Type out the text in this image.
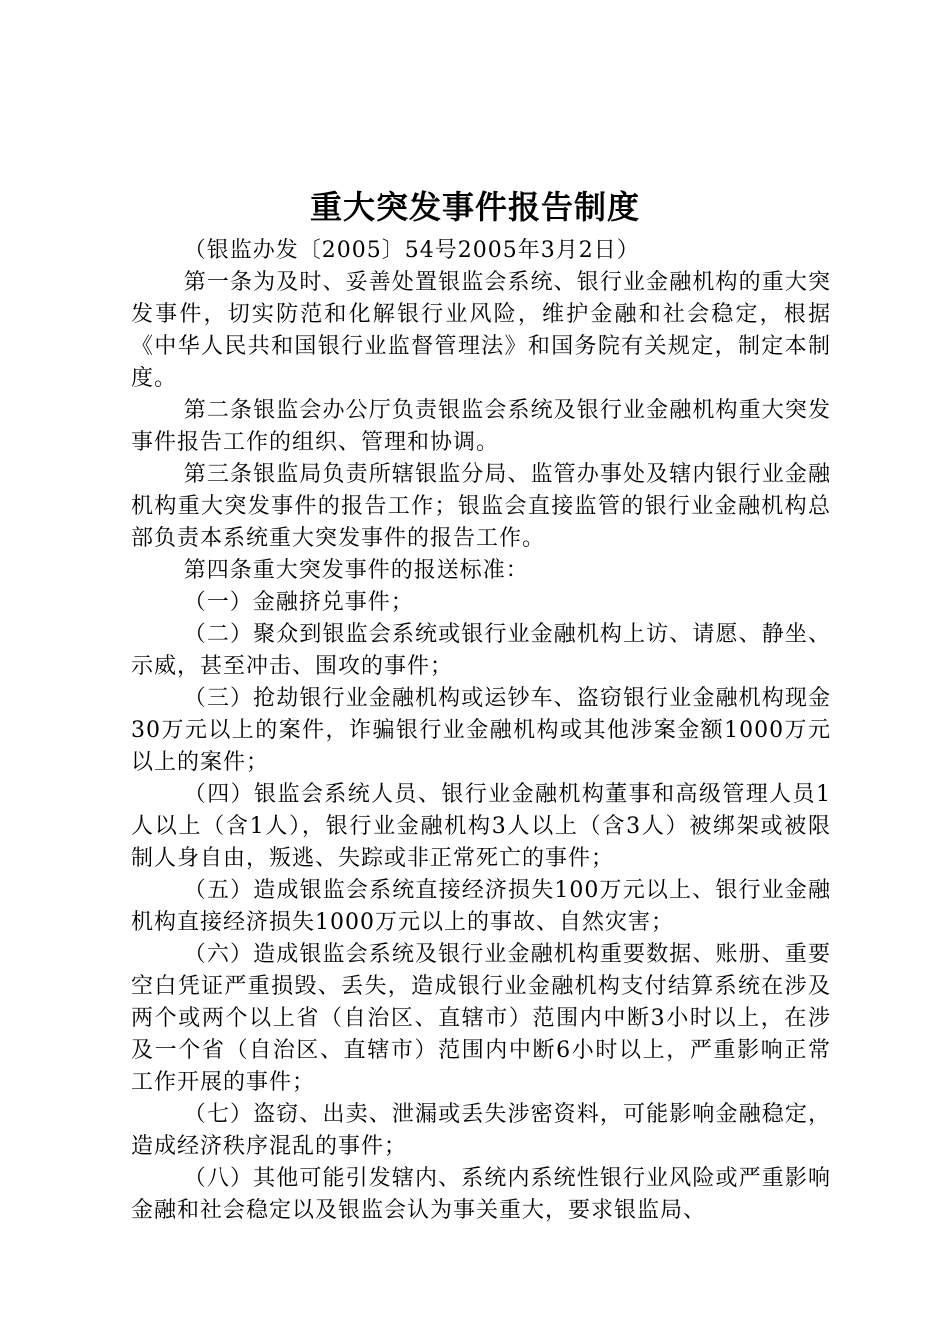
重大突发事件报告制度

（银监办发〔2005〕54号2005年3月2日）

第一条为及时、妥善处置银监会系统、银行业金融机构的重大突发事件，切实防范和化解银行业风险，维护金融和社会稳定，根据《中华人民共和国银行业监督管理法》和国务院有关规定，制定本制度。

第二条银监会办公厅负责银监会系统及银行业金融机构重大突发事件报告工作的组织、管理和协调。

第三条银监局负责所辖银监分局、监管办事处及辖内银行业金融机构重大突发事件的报告工作；银监会直接监管的银行业金融机构总部负责本系统重大突发事件的报告工作。

第四条重大突发事件的报送标准：

（一）金融挤兑事件；

（二）聚众到银监会系统或银行业金融机构上访、请愿、静坐、示威，甚至冲击、围攻的事件；

（三）抢劫银行业金融机构或运钞车、盗窃银行业金融机构现金30万元以上的案件，诈骗银行业金融机构或其他涉案金额1000万元以上的案件；

（四）银监会系统人员、银行业金融机构董事和高级管理人员1人以上（含1人），银行业金融机构3人以上（含3人）被绑架或被限制人身自由，叛逃、失踪或非正常死亡的事件；

（五）造成银监会系统直接经济损失100万元以上、银行业金融机构直接经济损失1000万元以上的事故、自然灾害；

（六）造成银监会系统及银行业金融机构重要数据、账册、重要空白凭证严重损毁、丢失，造成银行业金融机构支付结算系统在涉及两个或两个以上省（自治区、直辖市）范围内中断3小时以上，在涉及一个省（自治区、直辖市）范围内中断6小时以上，严重影响正常工作开展的事件；

（七）盗窃、出卖、泄漏或丢失涉密资料，可能影响金融稳定，造成经济秩序混乱的事件；

（八）其他可能引发辖内、系统内系统性银行业风险或严重影响金融和社会稳定以及银监会认为事关重大，要求银监局、
